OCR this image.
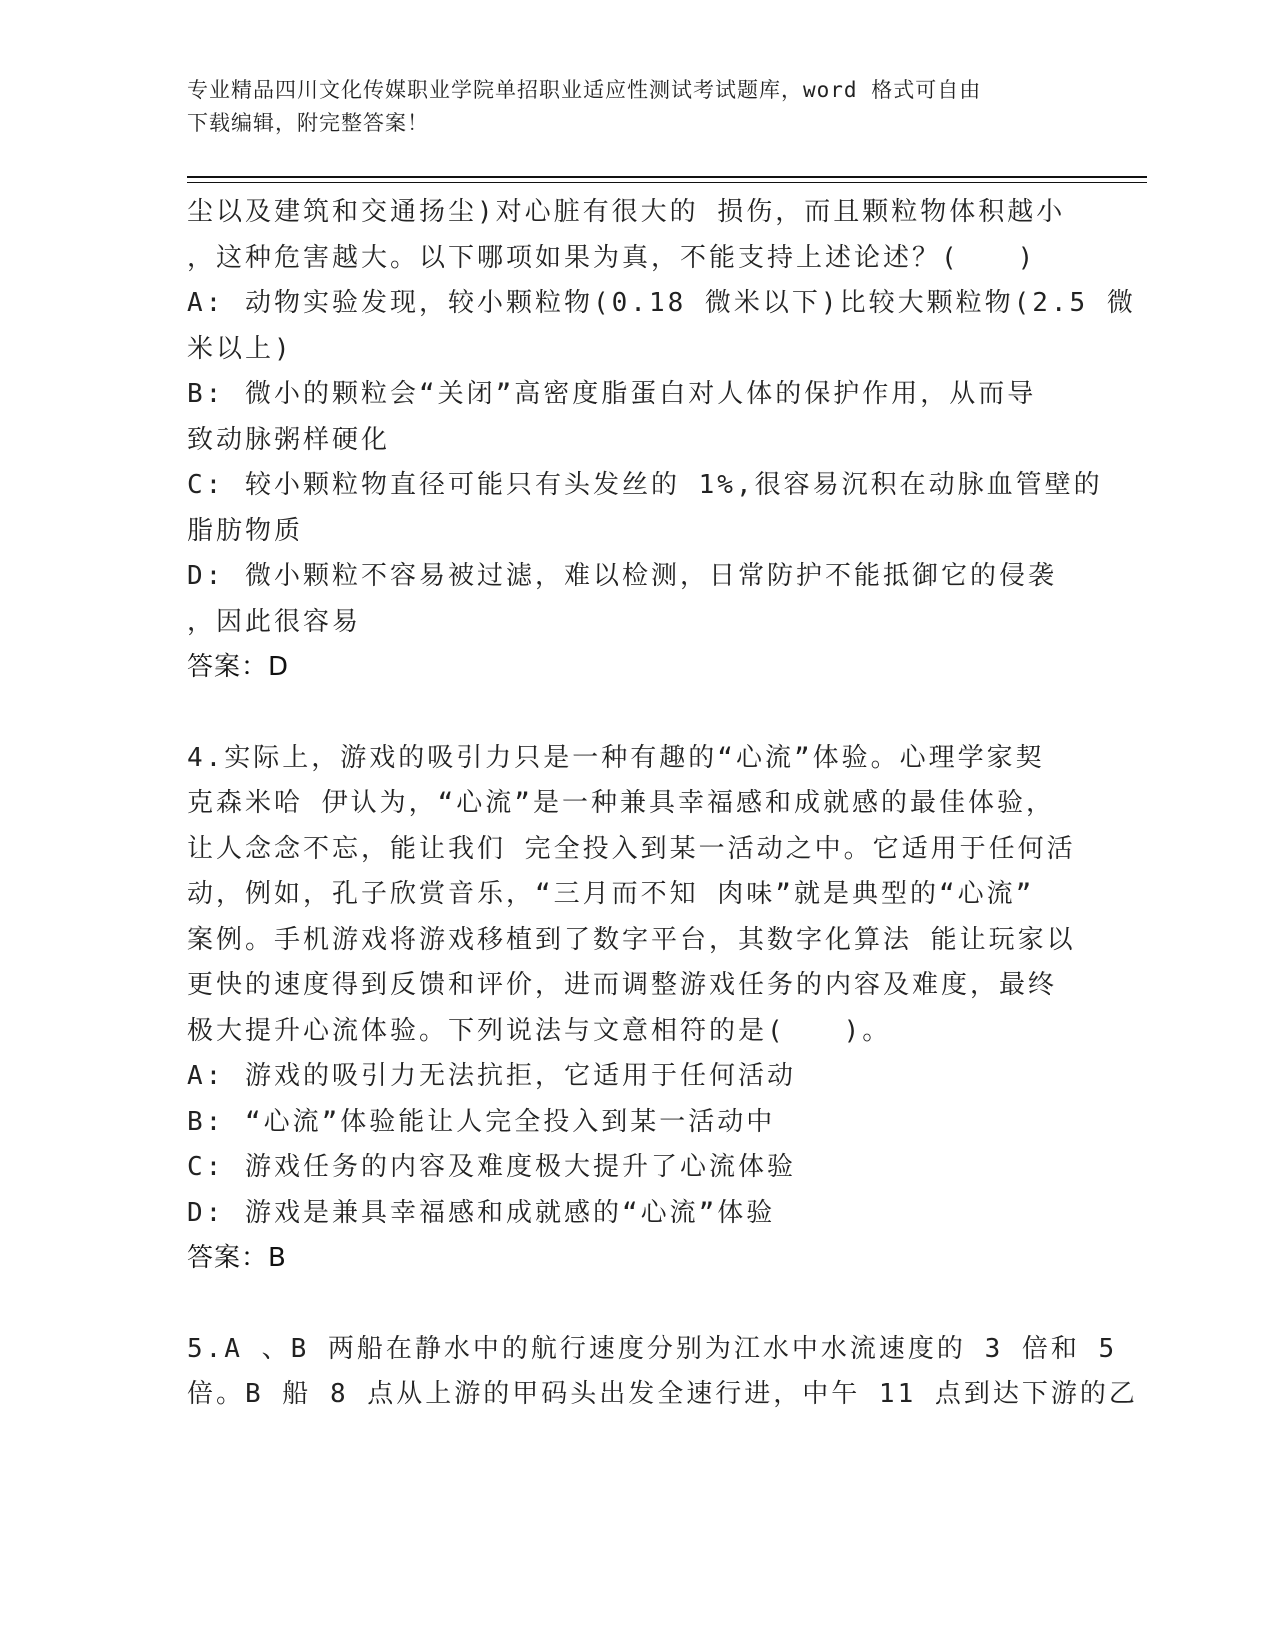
专业精品四川文化传媒职业学院单招职业适应性测试考试题库，word 格式可自由
下载编辑，附完整答案！
尘以及建筑和交通扬尘)对心脏有很大的 损伤，而且颗粒物体积越小
，这种危害越大。以下哪项如果为真，不能支持上述论述？(　　)
A: 动物实验发现，较小颗粒物(0.18 微米以下)比较大颗粒物(2.5 微
米以上)
B: 微小的颗粒会“关闭”高密度脂蛋白对人体的保护作用，从而导
致动脉粥样硬化
C: 较小颗粒物直径可能只有头发丝的 1%,很容易沉积在动脉血管壁的
脂肪物质
D: 微小颗粒不容易被过滤，难以检测，日常防护不能抵御它的侵袭
，因此很容易
答案：D
4.实际上，游戏的吸引力只是一种有趣的“心流”体验。心理学家契
克森米哈 伊认为，“心流”是一种兼具幸福感和成就感的最佳体验，
让人念念不忘，能让我们 完全投入到某一活动之中。它适用于任何活
动，例如，孔子欣赏音乐，“三月而不知 肉味”就是典型的“心流”
案例。手机游戏将游戏移植到了数字平台，其数字化算法 能让玩家以
更快的速度得到反馈和评价，进而调整游戏任务的内容及难度，最终
极大提升心流体验。下列说法与文意相符的是(　　)。
A: 游戏的吸引力无法抗拒，它适用于任何活动
B: “心流”体验能让人完全投入到某一活动中
C: 游戏任务的内容及难度极大提升了心流体验
D: 游戏是兼具幸福感和成就感的“心流”体验
答案：B
5.A 、B 两船在静水中的航行速度分别为江水中水流速度的 3 倍和 5
倍。B 船 8 点从上游的甲码头出发全速行进，中午 11 点到达下游的乙
